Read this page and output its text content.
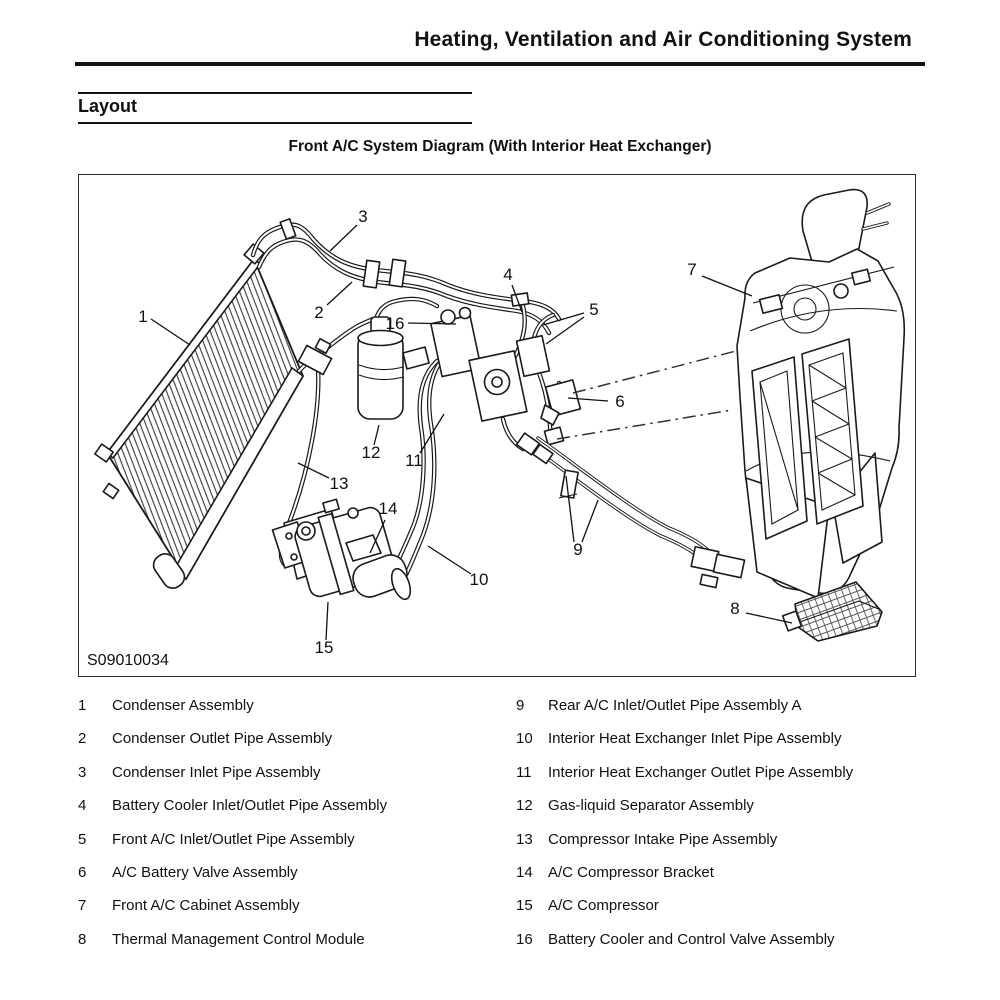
Heating, Ventilation and Air Conditioning System
Layout
Front A/C System Diagram (With Interior Heat Exchanger)
1	2
3
4
5
6
7
8
9
10
11
12
13
14
15
16
S09010034
1 Condenser Assembly
2 Condenser Outlet Pipe Assembly
3 Condenser Inlet Pipe Assembly
4 Battery Cooler Inlet/Outlet Pipe Assembly
5 Front A/C Inlet/Outlet Pipe Assembly
6 A/C Battery Valve Assembly
7 Front A/C Cabinet Assembly
8 Thermal Management Control Module
9 Rear A/C Inlet/Outlet Pipe Assembly A
10 Interior Heat Exchanger Inlet Pipe Assembly
11 Interior Heat Exchanger Outlet Pipe Assembly
12 Gas-liquid Separator Assembly
13 Compressor Intake Pipe Assembly
14 A/C Compressor Bracket
15 A/C Compressor
16 Battery Cooler and Control Valve Assembly
